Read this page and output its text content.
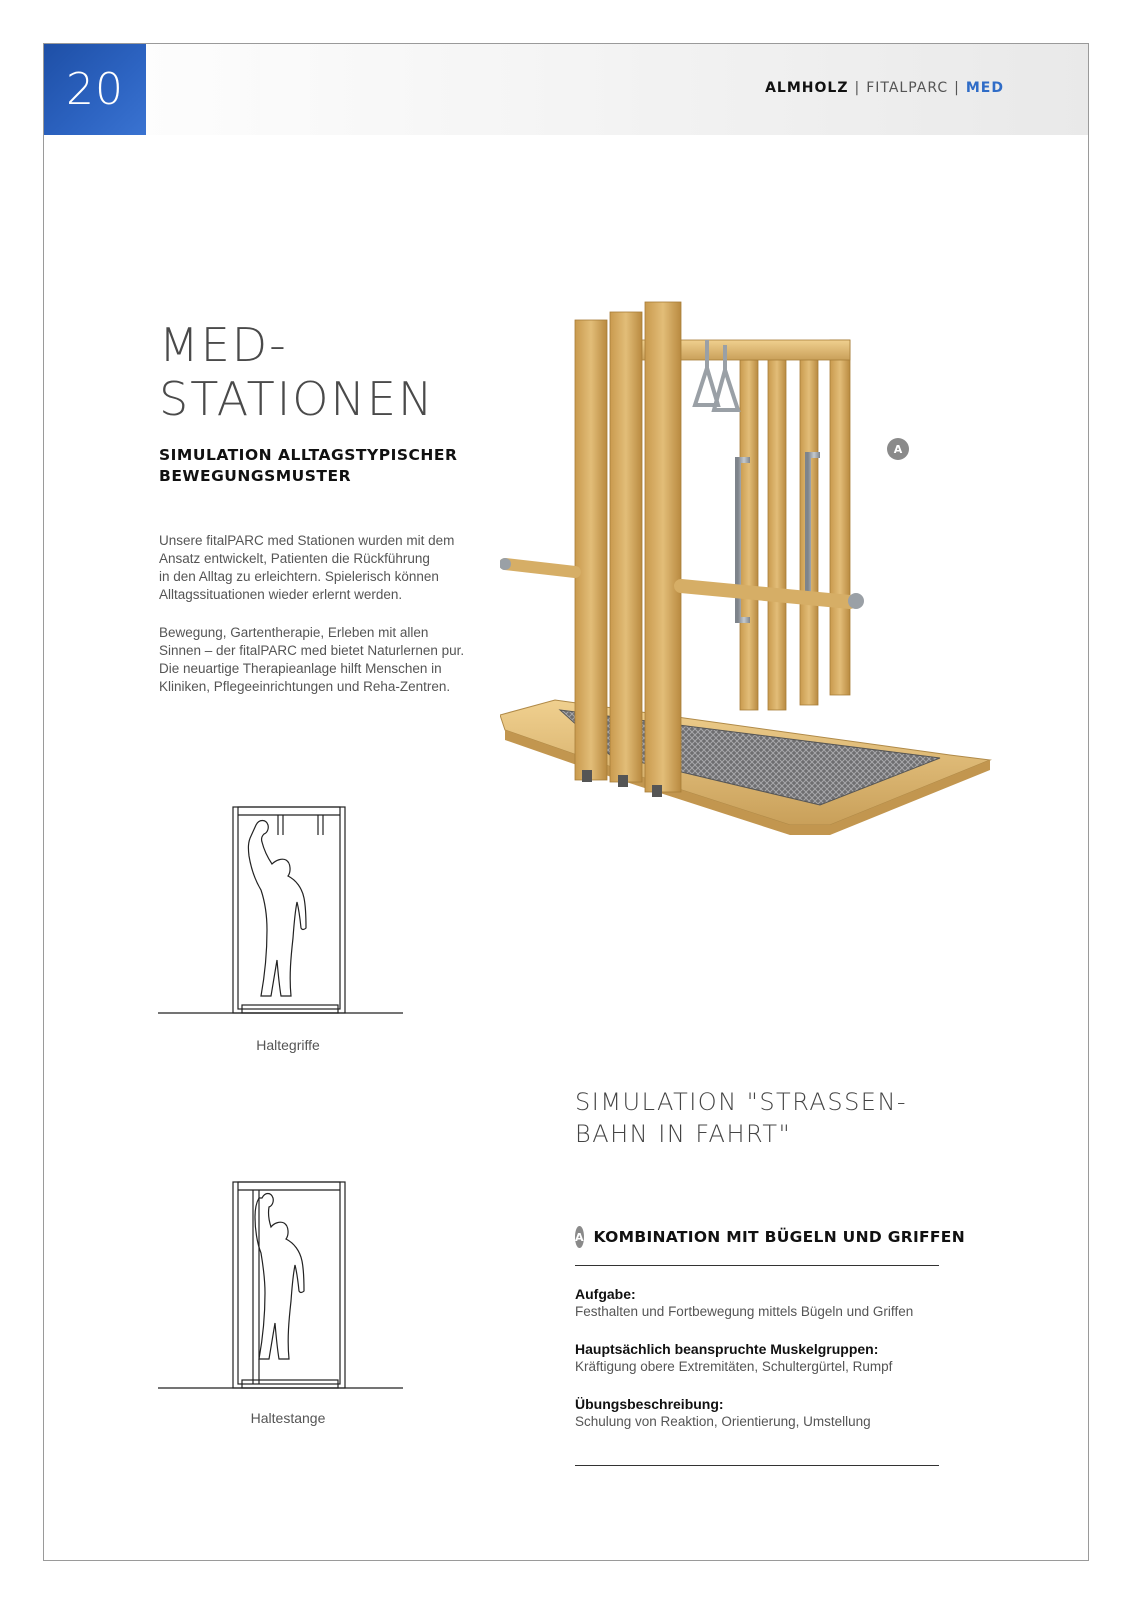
20	ALMHOLZ | FITALPARC | MED
MED-
STATIONEN
SIMULATION ALLTAGSTYPISCHER
BEWEGUNGSMUSTER
Unsere fitalPARC med Stationen wurden mit dem
Ansatz entwickelt, Patienten die Rückführung
in den Alltag zu erleichtern. Spielerisch können
Alltagssituationen wieder erlernt werden.
Bewegung, Gartentherapie, Erleben mit allen
Sinnen – der fitalPARC med bietet Naturlernen pur.
Die neuartige Therapieanlage hilft Menschen in
Kliniken, Pflegeeinrichtungen und Reha-Zentren.
A
Haltegriffe
Haltestange
SIMULATION "STRASSEN-
BAHN IN FAHRT"
A KOMBINATION MIT BÜGELN UND GRIFFEN
Aufgabe:
Festhalten und Fortbewegung mittels Bügeln und Griffen
Hauptsächlich beanspruchte Muskelgruppen:
Kräftigung obere Extremitäten, Schultergürtel, Rumpf
Übungsbeschreibung:
Schulung von Reaktion, Orientierung, Umstellung
